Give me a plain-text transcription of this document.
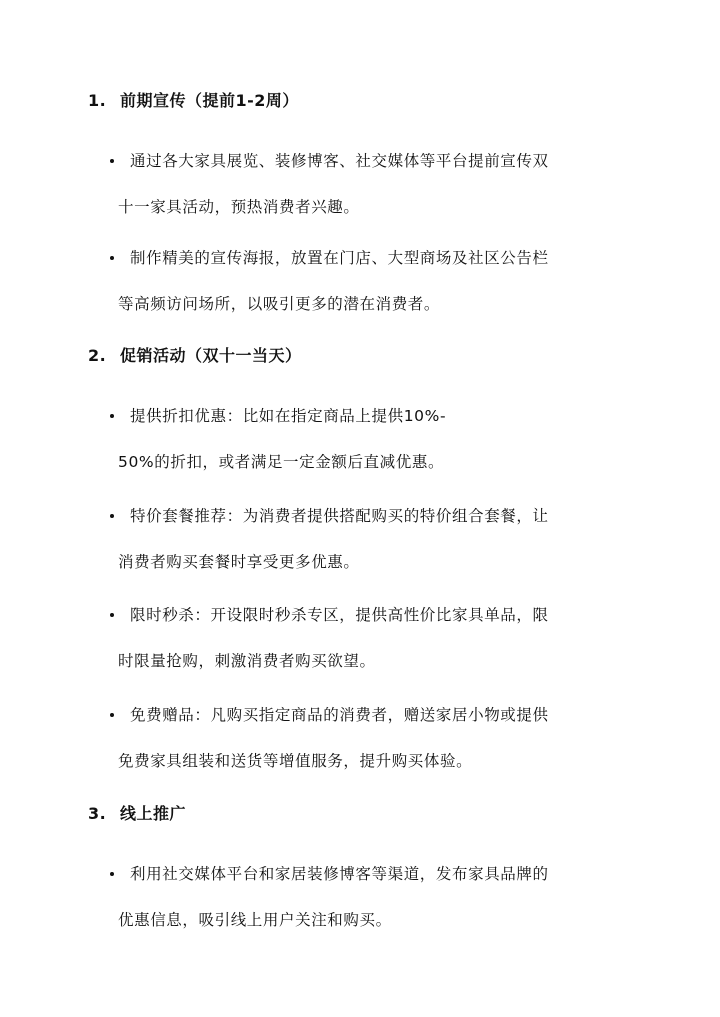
1. 前期宣传（提前1-2周）
通过各大家具展览、装修博客、社交媒体等平台提前宣传双
十一家具活动，预热消费者兴趣。
制作精美的宣传海报，放置在门店、大型商场及社区公告栏
等高频访问场所，以吸引更多的潜在消费者。
2. 促销活动（双十一当天）
提供折扣优惠：比如在指定商品上提供10%-
50%的折扣，或者满足一定金额后直减优惠。
特价套餐推荐：为消费者提供搭配购买的特价组合套餐，让
消费者购买套餐时享受更多优惠。
限时秒杀：开设限时秒杀专区，提供高性价比家具单品，限
时限量抢购，刺激消费者购买欲望。
免费赠品：凡购买指定商品的消费者，赠送家居小物或提供
免费家具组装和送货等增值服务，提升购买体验。
3. 线上推广
利用社交媒体平台和家居装修博客等渠道，发布家具品牌的
优惠信息，吸引线上用户关注和购买。
